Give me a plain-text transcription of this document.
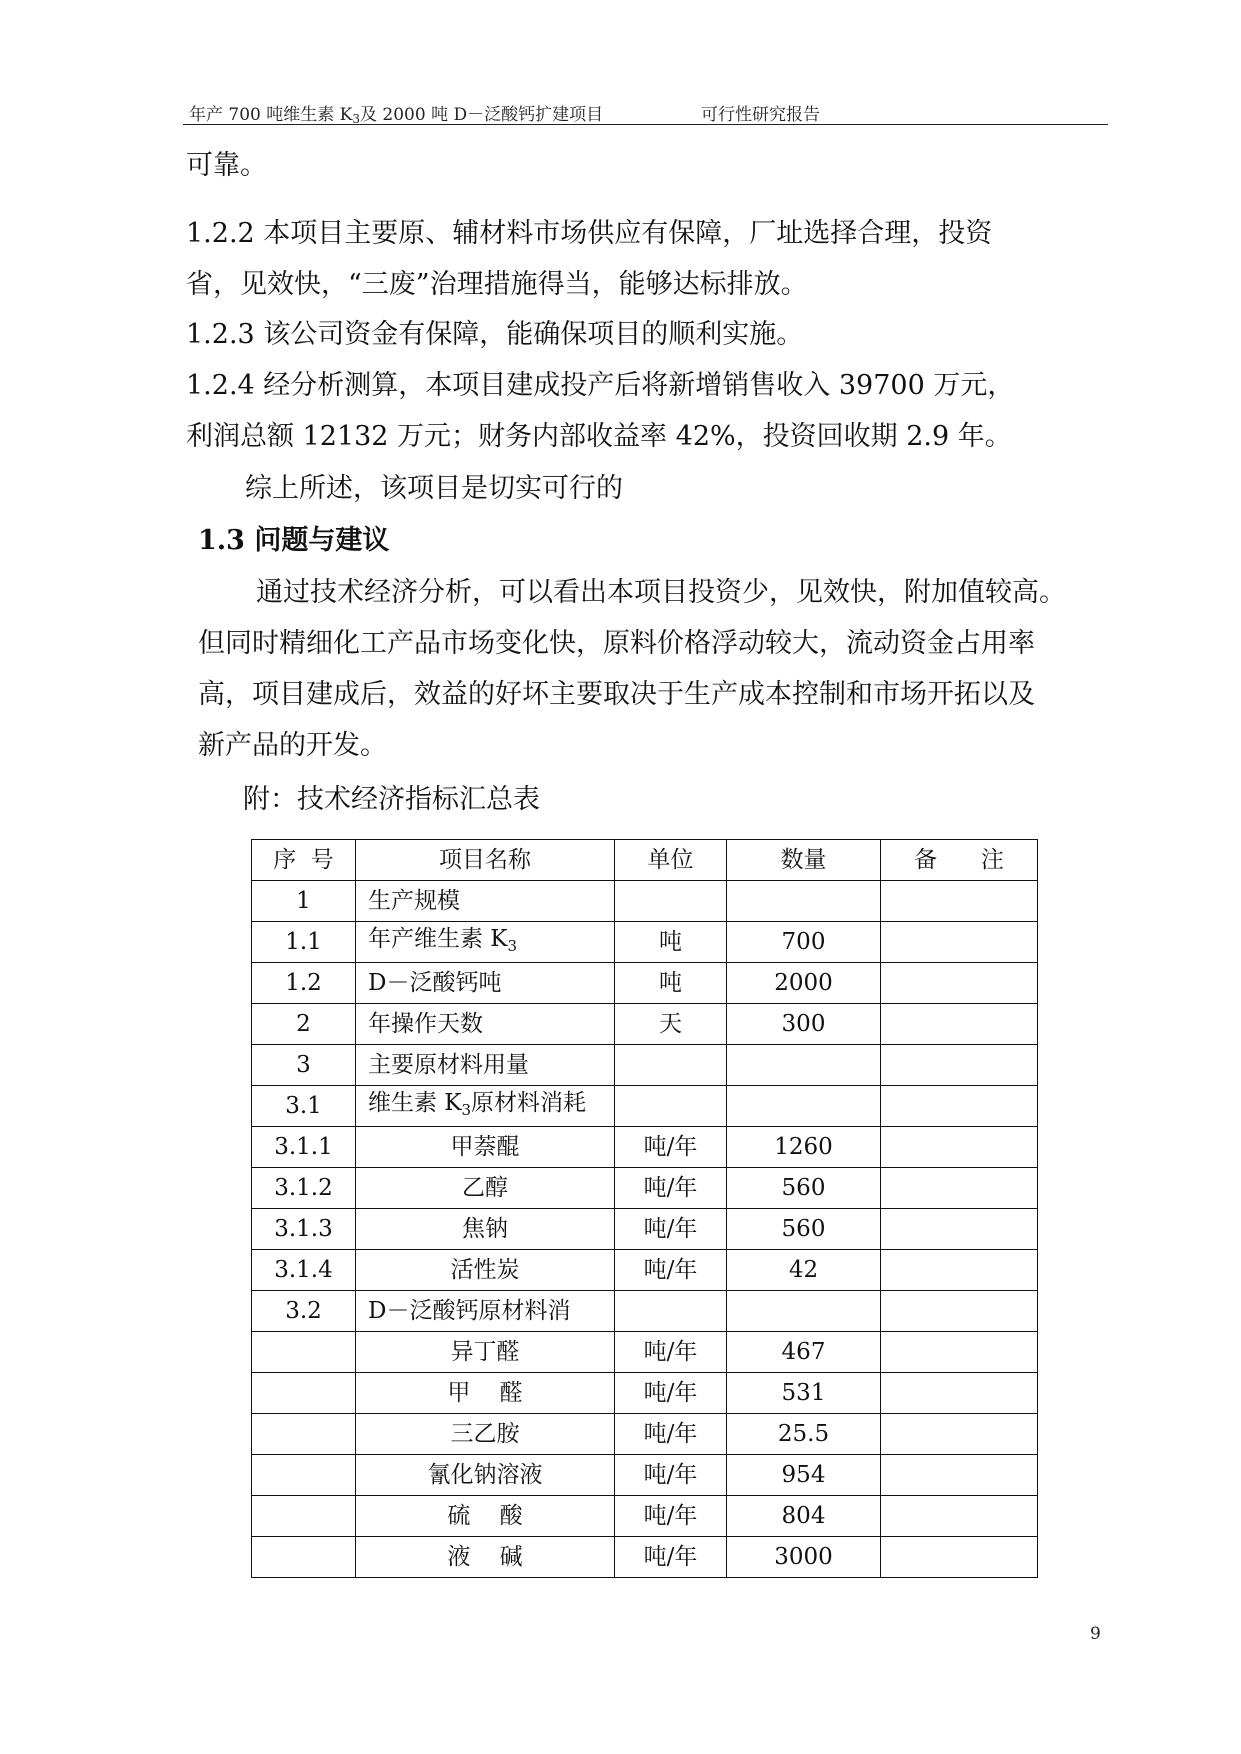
年产 700 吨维生素 $K_3$及 2000 吨 D－泛酸钙扩建项目	可行性研究报告
可靠。
1.2.2 本项目主要原、辅材料市场供应有保障，厂址选择合理，投资
省，见效快，“三废”治理措施得当，能够达标排放。
1.2.3 该公司资金有保障，能确保项目的顺利实施。
1.2.4 经分析测算，本项目建成投产后将新增销售收入 39700 万元，
利润总额 12132 万元；财务内部收益率 42%，投资回收期 2.9 年。
综上所述，该项目是切实可行的
1.3 问题与建议
通过技术经济分析，可以看出本项目投资少，见效快，附加值较高。
但同时精细化工产品市场变化快，原料价格浮动较大，流动资金占用率
高，项目建成后，效益的好坏主要取决于生产成本控制和市场开拓以及
新产品的开发。
附：技术经济指标汇总表
序  号	项目名称	单位	数量	备      注
1	生产规模			
1.1	年产维生素 $K_3$	吨	700	
1.2	D－泛酸钙吨	吨	2000	
2	年操作天数	天	300	
3	主要原材料用量			
3.1	维生素 $K_3$原材料消耗			
3.1.1	甲萘醌	吨/年	1260	
3.1.2	乙醇	吨/年	560	
3.1.3	焦钠	吨/年	560	
3.1.4	活性炭	吨/年	42	
3.2	D－泛酸钙原材料消			
	异丁醛	吨/年	467	
	甲    醛	吨/年	531	
	三乙胺	吨/年	25.5	
	氰化钠溶液	吨/年	954	
	硫    酸	吨/年	804	
	液    碱	吨/年	3000	
9
